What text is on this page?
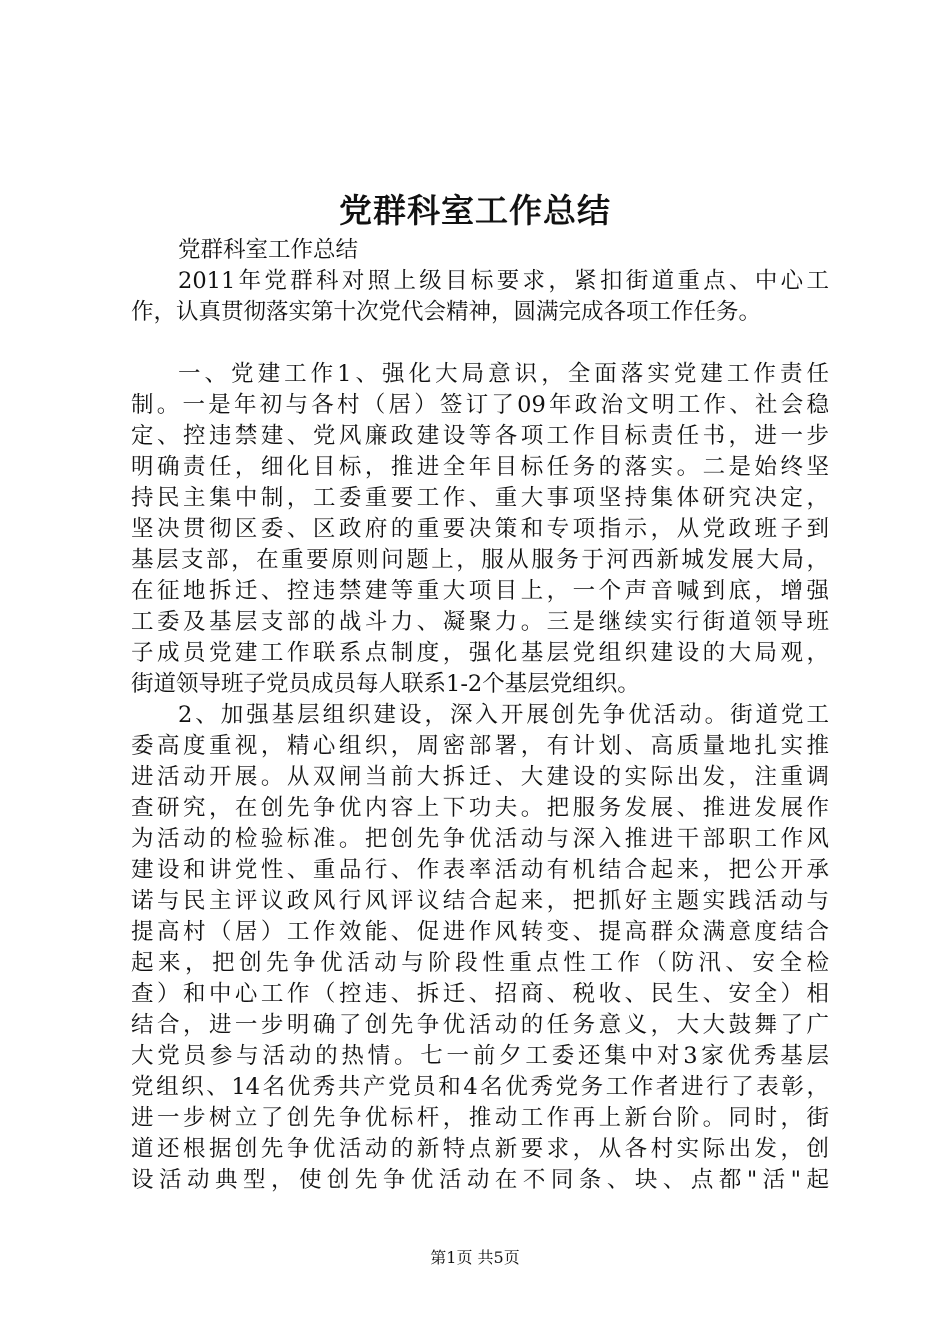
党群科室工作总结
党群科室工作总结
2011年党群科对照上级目标要求，紧扣街道重点、中心工
作，认真贯彻落实第十次党代会精神，圆满完成各项工作任务。
一、党建工作1、强化大局意识，全面落实党建工作责任
制。一是年初与各村（居）签订了09年政治文明工作、社会稳
定、控违禁建、党风廉政建设等各项工作目标责任书，进一步
明确责任，细化目标，推进全年目标任务的落实。二是始终坚
持民主集中制，工委重要工作、重大事项坚持集体研究决定，
坚决贯彻区委、区政府的重要决策和专项指示，从党政班子到
基层支部，在重要原则问题上，服从服务于河西新城发展大局，
在征地拆迁、控违禁建等重大项目上，一个声音喊到底，增强
工委及基层支部的战斗力、凝聚力。三是继续实行街道领导班
子成员党建工作联系点制度，强化基层党组织建设的大局观，
街道领导班子党员成员每人联系1-2个基层党组织。
2、加强基层组织建设，深入开展创先争优活动。街道党工
委高度重视，精心组织，周密部署，有计划、高质量地扎实推
进活动开展。从双闸当前大拆迁、大建设的实际出发，注重调
查研究，在创先争优内容上下功夫。把服务发展、推进发展作
为活动的检验标准。把创先争优活动与深入推进干部职工作风
建设和讲党性、重品行、作表率活动有机结合起来，把公开承
诺与民主评议政风行风评议结合起来，把抓好主题实践活动与
提高村（居）工作效能、促进作风转变、提高群众满意度结合
起来，把创先争优活动与阶段性重点性工作（防汛、安全检
查）和中心工作（控违、拆迁、招商、税收、民生、安全）相
结合，进一步明确了创先争优活动的任务意义，大大鼓舞了广
大党员参与活动的热情。七一前夕工委还集中对3家优秀基层
党组织、14名优秀共产党员和4名优秀党务工作者进行了表彰，
进一步树立了创先争优标杆，推动工作再上新台阶。同时，街
道还根据创先争优活动的新特点新要求，从各村实际出发，创
设活动典型，使创先争优活动在不同条、块、点都"活"起
第1页 共5页
